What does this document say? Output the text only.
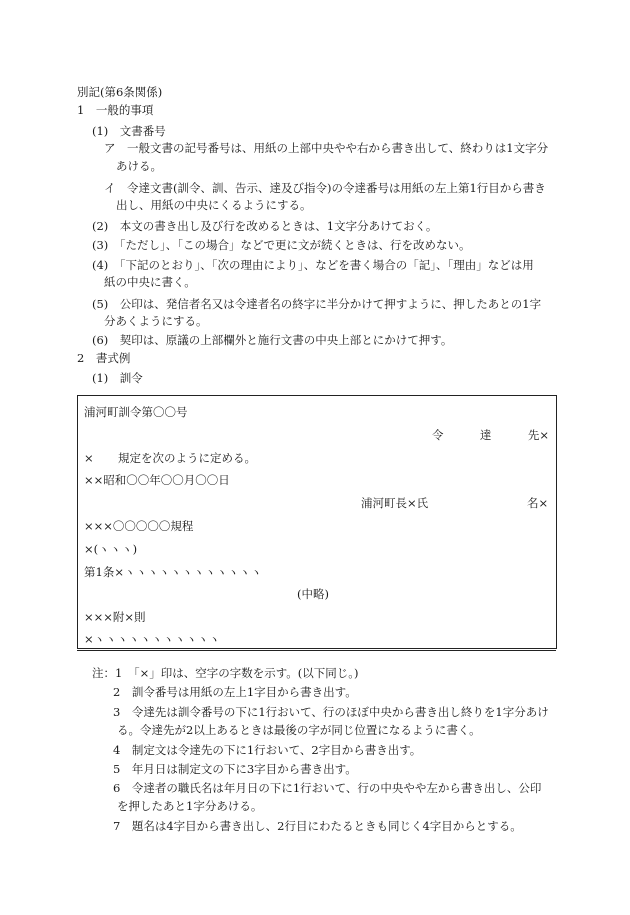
別記(第6条関係)
1　一般的事項
(1)　文書番号
ア　一般文書の記号番号は、用紙の上部中央やや右から書き出して、終わりは1文字分
あける。
イ　令達文書(訓令、訓、告示、達及び指令)の令達番号は用紙の左上第1行目から書き
出し、用紙の中央にくるようにする。
(2)　本文の書き出し及び行を改めるときは、1文字分あけておく。
(3)　「ただし」、「この場合」などで更に文が続くときは、行を改めない。
(4)　「下記のとおり」、「次の理由により」、などを書く場合の「記」、「理由」などは用
紙の中央に書く。
(5)　公印は、発信者名又は令達者名の終字に半分かけて押すように、押したあとの1字
分あくようにする。
(6)　契印は、原議の上部欄外と施行文書の中央上部とにかけて押す。
2　書式例
(1)　訓令
浦河町訓令第〇〇号
令	達	先×
× 規定を次のように定める。
××昭和〇〇年〇〇月〇〇日
浦河町長×氏	名×
×××〇〇〇〇〇規程
×(ヽヽヽ)
第1条×ヽヽヽヽヽヽヽヽヽヽヽヽ
(中略)
×××附×則
×ヽヽヽヽヽヽヽヽヽヽヽ
注：1　「×」印は、空字の字数を示す。(以下同じ。)
2　訓令番号は用紙の左上1字目から書き出す。
3　令達先は訓令番号の下に1行おいて、行のほぼ中央から書き出し終りを1字分あけ
る。令達先が2以上あるときは最後の字が同じ位置になるように書く。
4　制定文は令達先の下に1行おいて、2字目から書き出す。
5　年月日は制定文の下に3字目から書き出す。
6　令達者の職氏名は年月日の下に1行おいて、行の中央やや左から書き出し、公印
を押したあと1字分あける。
7　題名は4字目から書き出し、2行目にわたるときも同じく4字目からとする。
